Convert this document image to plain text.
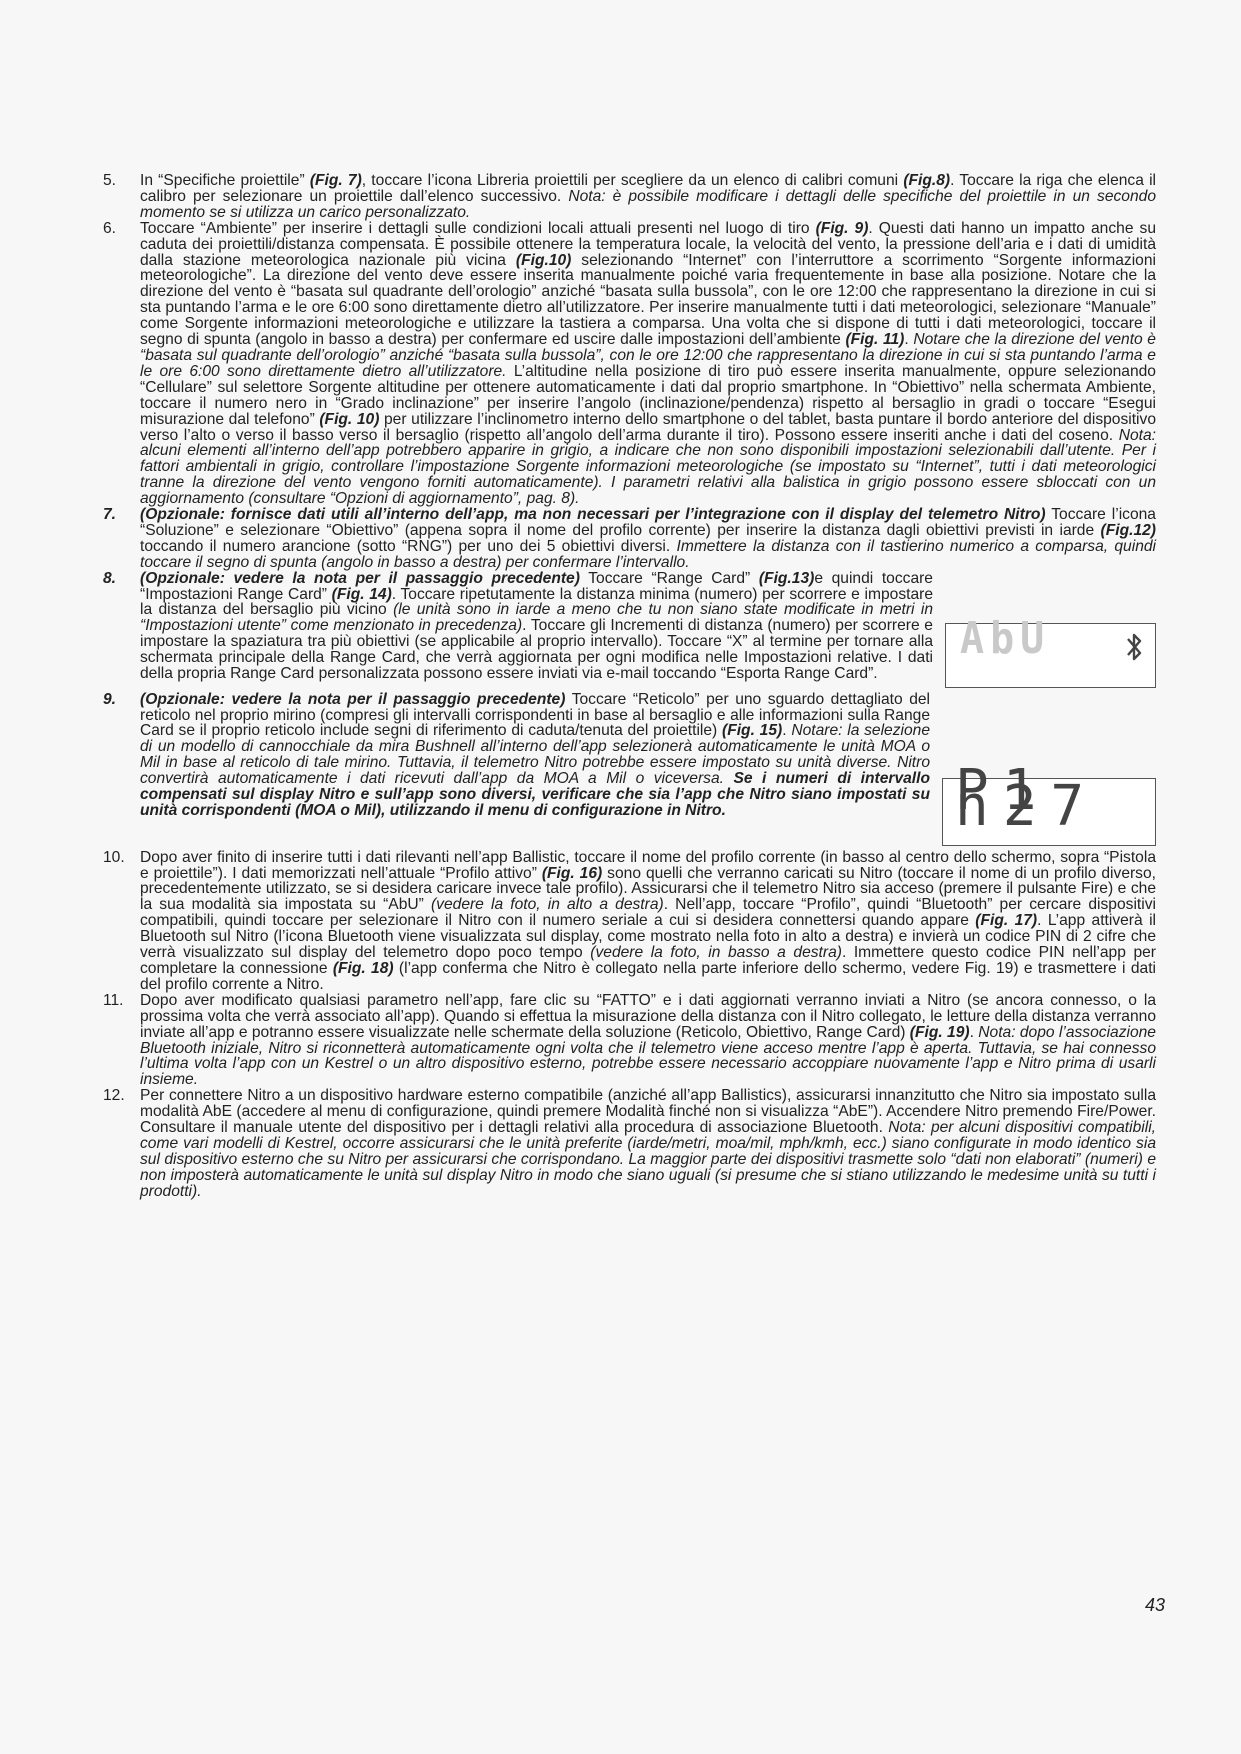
5.	In “Specifiche proiettile” (Fig. 7), toccare l’icona Libreria proiettili per scegliere da un elenco di calibri comuni (Fig.8). Toccare la riga che elenca il calibro per selezionare un proiettile dall’elenco successivo. Nota: è possibile modificare i dettagli delle specifiche del proiettile in un secondo momento se si utilizza un carico personalizzato.
6.	Toccare “Ambiente” per inserire i dettagli sulle condizioni locali attuali presenti nel luogo di tiro (Fig. 9). Questi dati hanno un impatto anche su caduta dei proiettili/distanza compensata. È possibile ottenere la temperatura locale, la velocità del vento, la pressione dell’aria e i dati di umidità dalla stazione meteorologica nazionale più vicina (Fig.10) selezionando “Internet” con l’interruttore a scorrimento “Sorgente informazioni meteorologiche”. La direzione del vento deve essere inserita manualmente poiché varia frequentemente in base alla posizione. Notare che la direzione del vento è “basata sul quadrante dell’orologio” anziché “basata sulla bussola”, con le ore 12:00 che rappresentano la direzione in cui si sta puntando l’arma e le ore 6:00 sono direttamente dietro all’utilizzatore. Per inserire manualmente tutti i dati meteorologici, selezionare “Manuale” come Sorgente informazioni meteorologiche e utilizzare la tastiera a comparsa. Una volta che si dispone di tutti i dati meteorologici, toccare il segno di spunta (angolo in basso a destra) per confermare ed uscire dalle impostazioni dell’ambiente (Fig. 11). Notare che la direzione del vento è “basata sul quadrante dell’orologio” anziché “basata sulla bussola”, con le ore 12:00 che rappresentano la direzione in cui si sta puntando l’arma e le ore 6:00 sono direttamente dietro all’utilizzatore. L’altitudine nella posizione di tiro può essere inserita manualmente, oppure selezionando “Cellulare” sul selettore Sorgente altitudine per ottenere automaticamente i dati dal proprio smartphone. In “Obiettivo” nella schermata Ambiente, toccare il numero nero in “Grado inclinazione” per inserire l’angolo (inclinazione/pendenza) rispetto al bersaglio in gradi o toccare “Esegui misurazione dal telefono” (Fig. 10) per utilizzare l’inclinometro interno dello smartphone o del tablet, basta puntare il bordo anteriore del dispositivo verso l’alto o verso il basso verso il bersaglio (rispetto all’angolo dell’arma durante il tiro). Possono essere inseriti anche i dati del coseno. Nota: alcuni elementi all’interno dell’app potrebbero apparire in grigio, a indicare che non sono disponibili impostazioni selezionabili dall’utente. Per i fattori ambientali in grigio, controllare l’impostazione Sorgente informazioni meteorologiche (se impostato su “Internet”, tutti i dati meteorologici tranne la direzione del vento vengono forniti automaticamente). I parametri relativi alla balistica in grigio possono essere sbloccati con un aggiornamento (consultare “Opzioni di aggiornamento”, pag. 8).
7.	(Opzionale: fornisce dati utili all’interno dell’app, ma non necessari per l’integrazione con il display del telemetro Nitro) Toccare l’icona “Soluzione” e selezionare “Obiettivo” (appena sopra il nome del profilo corrente) per inserire la distanza dagli obiettivi previsti in iarde (Fig.12) toccando il numero arancione (sotto “RNG”) per uno dei 5 obiettivi diversi. Immettere la distanza con il tastierino numerico a comparsa, quindi toccare il segno di spunta (angolo in basso a destra) per confermare l’intervallo.
8.
AbU
(Opzionale: vedere la nota per il passaggio precedente) Toccare “Range Card” (Fig.13)e quindi toccare “Impostazioni Range Card” (Fig. 14). Toccare ripetutamente la distanza minima (numero) per scorrere e impostare la distanza del bersaglio più vicino (le unità sono in iarde a meno che tu non siano state modificate in metri in “Impostazioni utente” come menzionato in precedenza). Toccare gli Incrementi di distanza (numero) per scorrere e impostare la spaziatura tra più obiettivi (se applicabile al proprio intervallo). Toccare “X” al termine per tornare alla schermata principale della Range Card, che verrà aggiornata per ogni modifica nelle Impostazioni relative. I dati della propria Range Card personalizzata possono essere inviati via e-mail toccando “Esporta Range Card”.
9.
P1 n27
(Opzionale: vedere la nota per il passaggio precedente) Toccare “Reticolo” per uno sguardo dettagliato del reticolo nel proprio mirino (compresi gli intervalli corrispondenti in base al bersaglio e alle informazioni sulla Range Card se il proprio reticolo include segni di riferimento di caduta/tenuta del proiettile) (Fig. 15). Notare: la selezione di un modello di cannocchiale da mira Bushnell all’interno dell’app selezionerà automaticamente le unità MOA o Mil in base al reticolo di tale mirino. Tuttavia, il telemetro Nitro potrebbe essere impostato su unità diverse. Nitro convertirà automaticamente i dati ricevuti dall’app da MOA a Mil o viceversa. Se i numeri di intervallo compensati sul display Nitro e sull’app sono diversi, verificare che sia l’app che Nitro siano impostati su unità corrispondenti (MOA o Mil), utilizzando il menu di configurazione in Nitro.
10. Dopo aver finito di inserire tutti i dati rilevanti nell’app Ballistic, toccare il nome del profilo corrente (in basso al centro dello schermo, sopra “Pistola e proiettile”). I dati memorizzati nell’attuale “Profilo attivo” (Fig. 16) sono quelli che verranno caricati su Nitro (toccare il nome di un profilo diverso, precedentemente utilizzato, se si desidera caricare invece tale profilo). Assicurarsi che il telemetro Nitro sia acceso (premere il pulsante Fire) e che la sua modalità sia impostata su “AbU” (vedere la foto, in alto a destra). Nell’app, toccare “Profilo”, quindi “Bluetooth” per cercare dispositivi compatibili, quindi toccare per selezionare il Nitro con il numero seriale a cui si desidera connettersi quando appare (Fig. 17). L’app attiverà il Bluetooth sul Nitro (l’icona Bluetooth viene visualizzata sul display, come mostrato nella foto in alto a destra) e invierà un codice PIN di 2 cifre che verrà visualizzato sul display del telemetro dopo poco tempo (vedere la foto, in basso a destra). Immettere questo codice PIN nell’app per completare la connessione (Fig. 18) (l’app conferma che Nitro è collegato nella parte inferiore dello schermo, vedere Fig. 19) e trasmettere i dati del profilo corrente a Nitro.
11.	Dopo aver modificato qualsiasi parametro nell’app, fare clic su “FATTO” e i dati aggiornati verranno inviati a Nitro (se ancora connesso, o la prossima volta che verrà associato all’app). Quando si effettua la misurazione della distanza con il Nitro collegato, le letture della distanza verranno inviate all’app e potranno essere visualizzate nelle schermate della soluzione (Reticolo, Obiettivo, Range Card) (Fig. 19). Nota: dopo l’associazione Bluetooth iniziale, Nitro si riconnetterà automaticamente ogni volta che il telemetro viene acceso mentre l’app è aperta. Tuttavia, se hai connesso l’ultima volta l’app con un Kestrel o un altro dispositivo esterno, potrebbe essere necessario accoppiare nuovamente l’app e Nitro prima di usarli insieme.
12. Per connettere Nitro a un dispositivo hardware esterno compatibile (anziché all’app Ballistics), assicurarsi innanzitutto che Nitro sia impostato sulla modalità AbE (accedere al menu di configurazione, quindi premere Modalità finché non si visualizza “AbE”). Accendere Nitro premendo Fire/Power. Consultare il manuale utente del dispositivo per i dettagli relativi alla procedura di associazione Bluetooth. Nota: per alcuni dispositivi compatibili, come vari modelli di Kestrel, occorre assicurarsi che le unità preferite (iarde/metri, moa/mil, mph/kmh, ecc.) siano configurate in modo identico sia sul dispositivo esterno che su Nitro per assicurarsi che corrispondano. La maggior parte dei dispositivi trasmette solo “dati non elaborati” (numeri) e non imposterà automaticamente le unità sul display Nitro in modo che siano uguali (si presume che si stiano utilizzando le medesime unità su tutti i prodotti).
43
